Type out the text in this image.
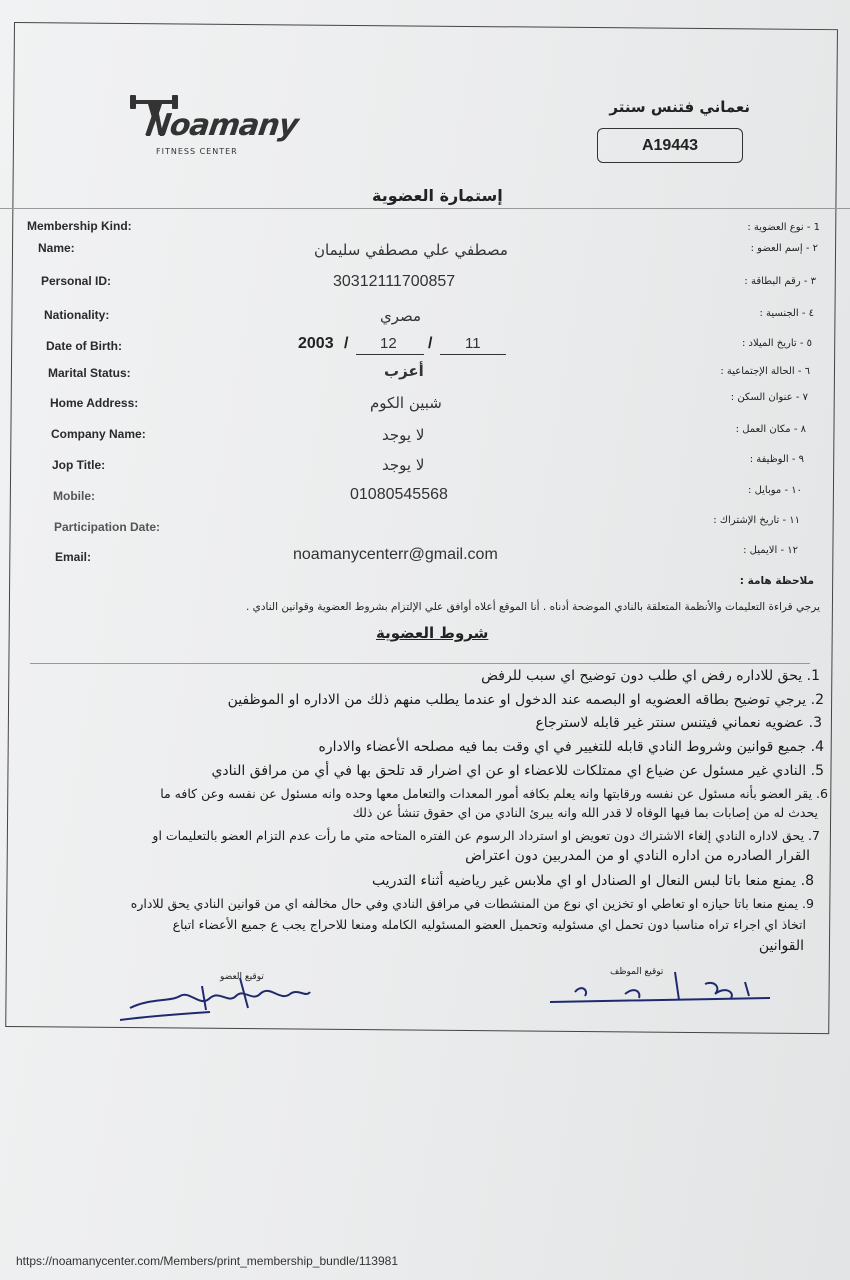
Noamany
FITNESS CENTER
نعماني فتنس سنتر
A19443
إستمارة العضوية
Membership Kind:
Name:
Personal ID:
Nationality:
Date of Birth:
Marital Status:
Home Address:
Company Name:
Jop Title:
Mobile:
Participation Date:
Email:
1 - نوع العضوية :
٢ - إسم العضو :
٣ - رقم البطاقة :
٤ - الجنسية :
٥ - تاريخ الميلاد :
٦ - الحالة الإجتماعية :
٧ - عنوان السكن :
٨ - مكان العمل :
٩ - الوظيفة :
١٠ - موبايل :
١١ - تاريخ الإشتراك :
١٢ - الايميل :
مصطفي علي مصطفي سليمان
30312111700857
مصري
2003 / 12 / 11
أعزب
شبين الكوم
لا يوجد
لا يوجد
01080545568
noamanycenterr@gmail.com
ملاحظة هامة :
يرجي قراءة التعليمات والأنظمة المتعلقة بالنادي الموضحة أدناه . أنا الموقع أعلاه أوافق علي الإلتزام بشروط العضوية وقوانين النادي .
شروط العضوية
1. يحق للاداره رفض اي طلب دون توضيح اي سبب للرفض
2. يرجي توضيح بطاقه العضويه او البصمه عند الدخول او عندما يطلب منهم ذلك من الاداره او الموظفين
3. عضويه نعماني فيتنس سنتر غير قابله لاسترجاع
4. جميع قوانين وشروط النادي قابله للتغيير في اي وقت بما فيه مصلحه الأعضاء والاداره
5. النادي غير مسئول عن ضياع اي ممتلكات للاعضاء او عن اي اضرار قد تلحق بها في أي من مرافق النادي
6. يقر العضو بأنه مسئول عن نفسه ورقابتها وانه يعلم بكافه أمور المعدات والتعامل معها وحده وانه مسئول عن نفسه وعن كافه ما
يحدث له من إصابات بما فيها الوفاه لا قدر الله وانه يبرئ النادي من اي حقوق تنشأ عن ذلك
7. يحق لاداره النادي إلغاء الاشتراك دون تعويض او استرداد الرسوم عن الفتره المتاحه متي ما رأت عدم التزام العضو بالتعليمات او
القرار الصادره من اداره النادي او من المدربين دون اعتراض
8. يمنع منعا باتا لبس النعال او الصنادل او اي ملابس غير رياضيه أثناء التدريب
9. يمنع منعا باتا حيازه او تعاطي او تخزين اي نوع من المنشطات في مرافق النادي وفي حال مخالفه اي من قوانين النادي يحق للاداره
اتخاذ اي اجراء تراه مناسبا دون تحمل اي مسئوليه وتحميل العضو المسئوليه الكامله ومنعا للاحراج يجب ع جميع الأعضاء اتباع
القوانين
توقيع العضو	توقيع الموظف
https://noamanycenter.com/Members/print_membership_bundle/113981
